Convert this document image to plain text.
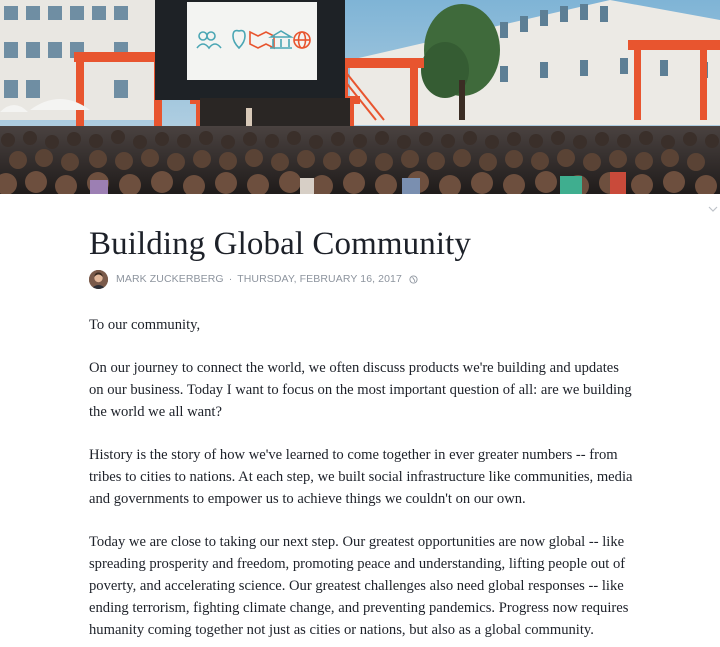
Building Global Community
MARK ZUCKERBERG · THURSDAY, FEBRUARY 16, 2017

To our community,

On our journey to connect the world, we often discuss products we're building and updates
on our business. Today I want to focus on the most important question of all: are we building
the world we all want?

History is the story of how we've learned to come together in ever greater numbers -- from
tribes to cities to nations. At each step, we built social infrastructure like communities, media
and governments to empower us to achieve things we couldn't on our own.

Today we are close to taking our next step. Our greatest opportunities are now global -- like
spreading prosperity and freedom, promoting peace and understanding, lifting people out of
poverty, and accelerating science. Our greatest challenges also need global responses -- like
ending terrorism, fighting climate change, and preventing pandemics. Progress now requires
humanity coming together not just as cities or nations, but also as a global community.
